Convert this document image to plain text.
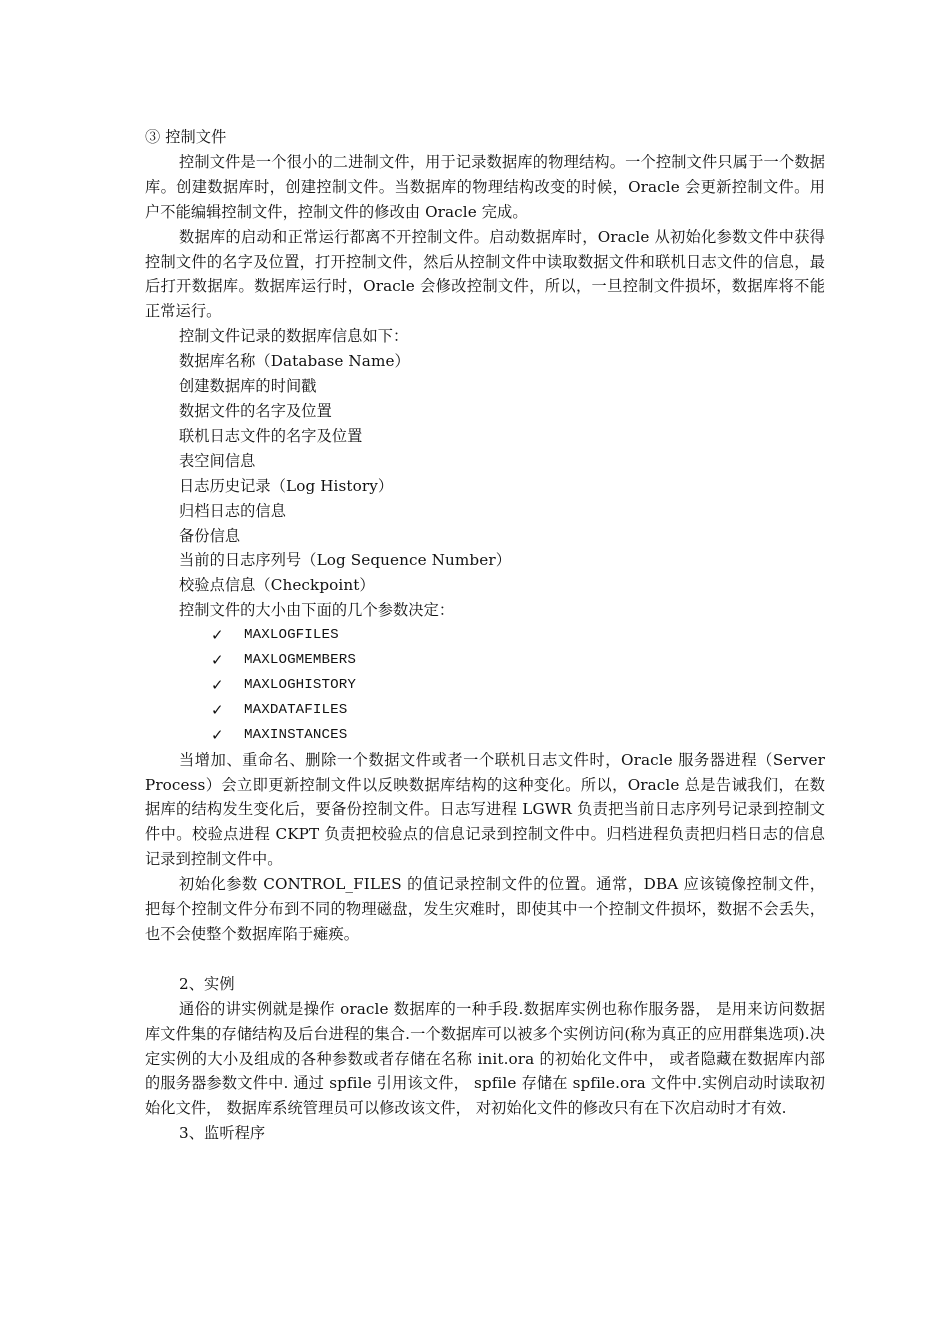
③ 控制文件

控制文件是一个很小的二进制文件，用于记录数据库的物理结构。一个控制文件只属于一个数据库。创建数据库时，创建控制文件。当数据库的物理结构改变的时候，Oracle 会更新控制文件。用户不能编辑控制文件，控制文件的修改由 Oracle 完成。

数据库的启动和正常运行都离不开控制文件。启动数据库时，Oracle 从初始化参数文件中获得控制文件的名字及位置，打开控制文件，然后从控制文件中读取数据文件和联机日志文件的信息，最后打开数据库。数据库运行时，Oracle 会修改控制文件，所以，一旦控制文件损坏，数据库将不能正常运行。

控制文件记录的数据库信息如下：

数据库名称（Database Name）

创建数据库的时间戳

数据文件的名字及位置

联机日志文件的名字及位置

表空间信息

日志历史记录（Log History）

归档日志的信息

备份信息

当前的日志序列号（Log Sequence Number）

校验点信息（Checkpoint）

控制文件的大小由下面的几个参数决定：

✓ MAXLOGFILES
✓ MAXLOGMEMBERS
✓ MAXLOGHISTORY
✓ MAXDATAFILES
✓ MAXINSTANCES

当增加、重命名、删除一个数据文件或者一个联机日志文件时，Oracle 服务器进程（Server Process）会立即更新控制文件以反映数据库结构的这种变化。所以，Oracle 总是告诫我们，在数据库的结构发生变化后，要备份控制文件。日志写进程 LGWR 负责把当前日志序列号记录到控制文件中。校验点进程 CKPT 负责把校验点的信息记录到控制文件中。归档进程负责把归档日志的信息记录到控制文件中。

初始化参数 CONTROL_FILES 的值记录控制文件的位置。通常，DBA 应该镜像控制文件，把每个控制文件分布到不同的物理磁盘，发生灾难时，即使其中一个控制文件损坏，数据不会丢失，也不会使整个数据库陷于瘫痪。

2、实例

通俗的讲实例就是操作 oracle 数据库的一种手段.数据库实例也称作服务器， 是用来访问数据库文件集的存储结构及后台进程的集合.一个数据库可以被多个实例访问(称为真正的应用群集选项).决定实例的大小及组成的各种参数或者存储在名称 init.ora 的初始化文件中， 或者隐藏在数据库内部的服务器参数文件中. 通过 spfile 引用该文件， spfile 存储在 spfile.ora 文件中.实例启动时读取初始化文件， 数据库系统管理员可以修改该文件， 对初始化文件的修改只有在下次启动时才有效.

3、监听程序
